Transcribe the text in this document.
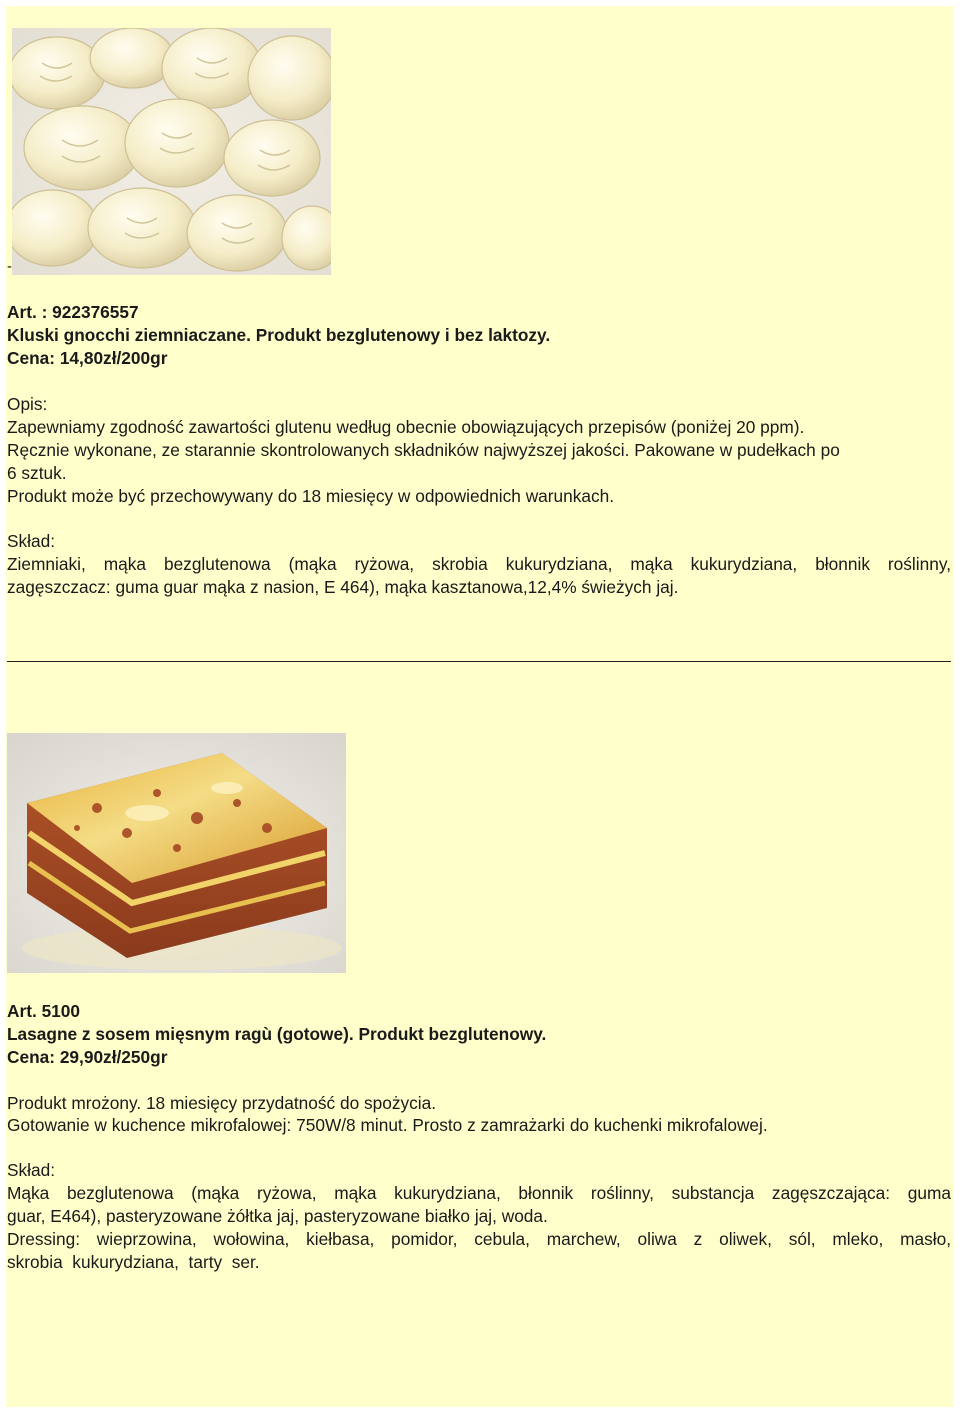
-
Art. : 922376557
Kluski gnocchi ziemniaczane. Produkt bezglutenowy i bez laktozy.
Cena: 14,80zł/200gr
Opis:
Zapewniamy zgodność zawartości glutenu według obecnie obowiązujących przepisów (poniżej 20 ppm).
Ręcznie wykonane, ze starannie skontrolowanych składników najwyższej jakości. Pakowane w pudełkach po
6 sztuk.
Produkt może być przechowywany do 18 miesięcy w odpowiednich warunkach.
Skład:
Ziemniaki, mąka bezglutenowa (mąka ryżowa, skrobia kukurydziana, mąka kukurydziana, błonnik roślinny,
zagęszczacz: guma guar mąka z nasion, E 464), mąka kasztanowa,12,4% świeżych jaj.
Art. 5100
Lasagne z sosem mięsnym ragù (gotowe). Produkt bezglutenowy.
Cena: 29,90zł/250gr
Produkt mrożony. 18 miesięcy przydatność do spożycia.
Gotowanie w kuchence mikrofalowej: 750W/8 minut. Prosto z zamrażarki do kuchenki mikrofalowej.
Skład:
Mąka bezglutenowa (mąka ryżowa, mąka kukurydziana, błonnik roślinny, substancja zagęszczająca: guma
guar, E464), pasteryzowane żółtka jaj, pasteryzowane białko jaj, woda.
Dressing: wieprzowina, wołowina, kiełbasa, pomidor, cebula, marchew, oliwa z oliwek, sól, mleko, masło,
skrobia  kukurydziana,  tarty  ser.
